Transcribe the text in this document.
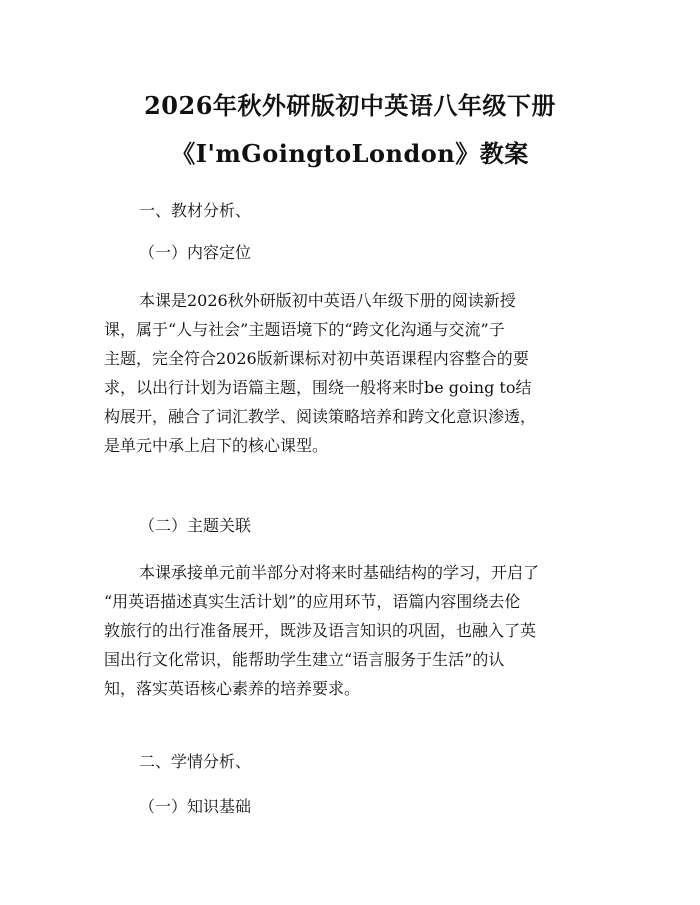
2026年秋外研版初中英语八年级下册
《I'mGoingtoLondon》教案
一、教材分析、
（一）内容定位
本课是2026秋外研版初中英语八年级下册的阅读新授
课，属于“人与社会”主题语境下的“跨文化沟通与交流”子
主题，完全符合2026版新课标对初中英语课程内容整合的要
求，以出行计划为语篇主题，围绕一般将来时be going to结
构展开，融合了词汇教学、阅读策略培养和跨文化意识渗透，
是单元中承上启下的核心课型。
（二）主题关联
本课承接单元前半部分对将来时基础结构的学习，开启了
“用英语描述真实生活计划”的应用环节，语篇内容围绕去伦
敦旅行的出行准备展开，既涉及语言知识的巩固，也融入了英
国出行文化常识，能帮助学生建立“语言服务于生活”的认
知，落实英语核心素养的培养要求。
二、学情分析、
（一）知识基础
